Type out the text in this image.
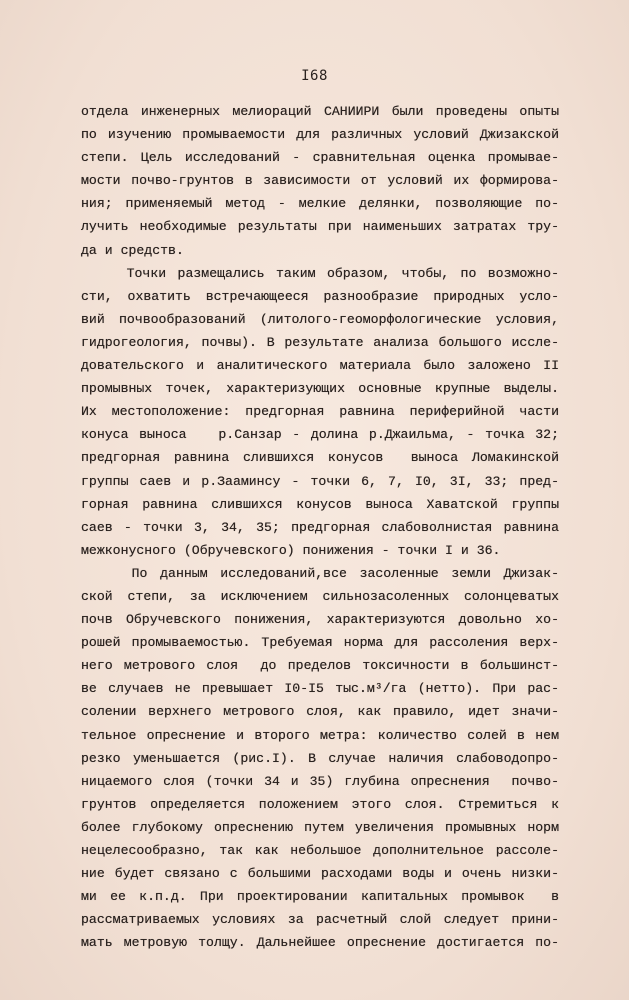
I68
отдела инженерных мелиораций САНИИРИ были проведены опыты
по изучению промываемости для различных условий Джизакской
степи. Цель исследований - сравнительная оценка промывае-
мости почво-грунтов в зависимости от условий их формирова-
ния; применяемый метод - мелкие делянки, позволяющие по-
лучить необходимые результаты при наименьших затратах тру-
да и средств.
Точки размещались таким образом, чтобы, по возможно-
сти, охватить встречающееся разнообразие природных усло-
вий почвообразований (литолого-геоморфологические условия,
гидрогеология, почвы). В результате анализа большого иссле-
довательского и аналитического материала было заложено II
промывных точек, характеризующих основные крупные выделы.
Их местоположение: предгорная равнина периферийной части
конуса выноса   р.Санзар - долина р.Джаильма, - точка 32;
предгорная равнина слившихся конусов  выноса Ломакинской
группы саев и р.Зааминсу - точки 6, 7, I0, 3I, 33; пред-
горная равнина слившихся конусов выноса Хаватской группы
саев - точки 3, 34, 35; предгорная слабоволнистая равнина
межконусного (Обручевского) понижения - точки I и 36.
По данным исследований,все засоленные земли Джизак-
ской степи, за исключением сильнозасоленных солонцеватых
почв Обручевского понижения, характеризуются довольно хо-
рошей промываемостью. Требуемая норма для рассоления верх-
него метрового слоя  до пределов токсичности в большинст-
ве случаев не превышает I0-I5 тыс.м³/га (нетто). При рас-
солении верхнего метрового слоя, как правило, идет значи-
тельное опреснение и второго метра: количество солей в нем
резко уменьшается (рис.I). В случае наличия слабоводопро-
ницаемого слоя (точки 34 и 35) глубина опреснения  почво-
грунтов определяется положением этого слоя. Стремиться к
более глубокому опреснению путем увеличения промывных норм
нецелесообразно, так как небольшое дополнительное рассоле-
ние будет связано с большими расходами воды и очень низки-
ми ее к.п.д. При проектировании капитальных промывок  в
рассматриваемых условиях за расчетный слой следует прини-
мать метровую толщу. Дальнейшее опреснение достигается по-
